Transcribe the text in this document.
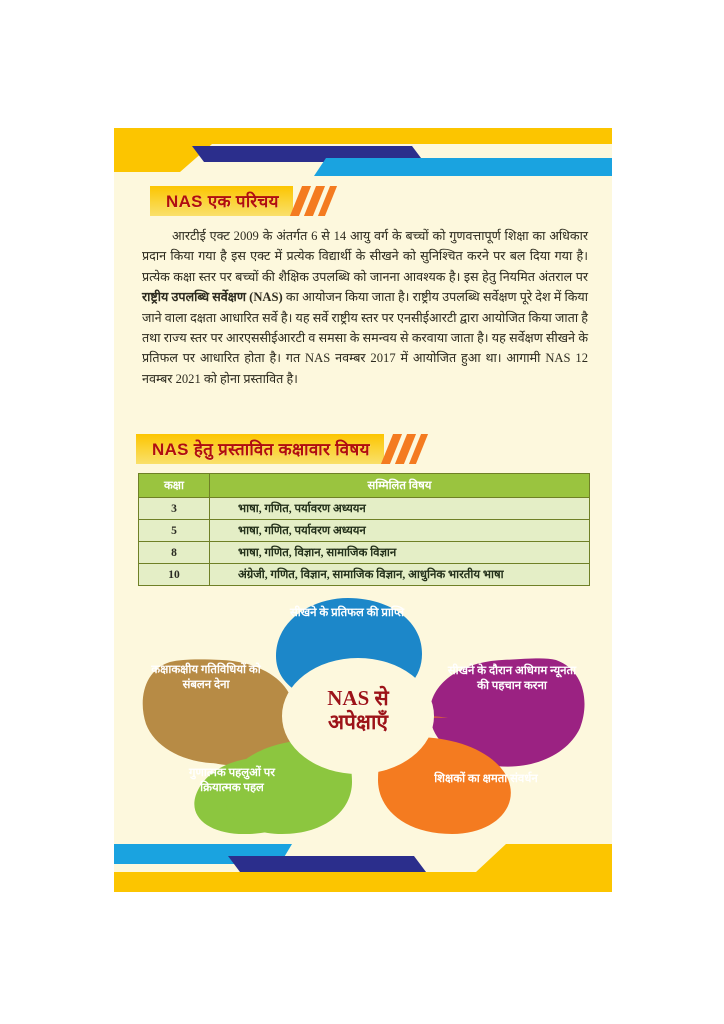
NAS एक परिचय
आरटीई एक्ट 2009 के अंतर्गत 6 से 14 आयु वर्ग के बच्चों को गुणवत्तापूर्ण शिक्षा का अधिकार प्रदान किया गया है इस एक्ट में प्रत्येक विद्यार्थी के सीखने को सुनिश्चित करने पर बल दिया गया है। प्रत्येक कक्षा स्तर पर बच्चों की शैक्षिक उपलब्धि को जानना आवश्यक है। इस हेतु नियमित अंतराल पर राष्ट्रीय उपलब्धि सर्वेक्षण (NAS) का आयोजन किया जाता है। राष्ट्रीय उपलब्धि सर्वेक्षण पूरे देश में किया जाने वाला दक्षता आधारित सर्वे है। यह सर्वे राष्ट्रीय स्तर पर एनसीईआरटी द्वारा आयोजित किया जाता है तथा राज्य स्तर पर आरएससीईआरटी व समसा के समन्वय से करवाया जाता है। यह सर्वेक्षण सीखने के प्रतिफल पर आधारित होता है। गत NAS नवम्बर 2017 में आयोजित हुआ था। आगामी NAS 12 नवम्बर 2021 को होना प्रस्तावित है।
NAS हेतु प्रस्तावित कक्षावार विषय
कक्षा	सम्मिलित विषय
3	भाषा, गणित, पर्यावरण अध्ययन
5	भाषा, गणित, पर्यावरण अध्ययन
8	भाषा, गणित, विज्ञान, सामाजिक विज्ञान
10	अंग्रेजी, गणित, विज्ञान, सामाजिक विज्ञान, आधुनिक भारतीय भाषा
सीखने के प्रतिफल की प्राप्ति
कक्षाकक्षीय गतिविधियों को संबलन देना
सीखने के दौरान अधिगम न्यूनता की पहचान करना
गुणात्मक पहलुओं पर क्रियात्मक पहल
शिक्षकों का क्षमता संवर्धन
NAS से
अपेक्षाएँ
